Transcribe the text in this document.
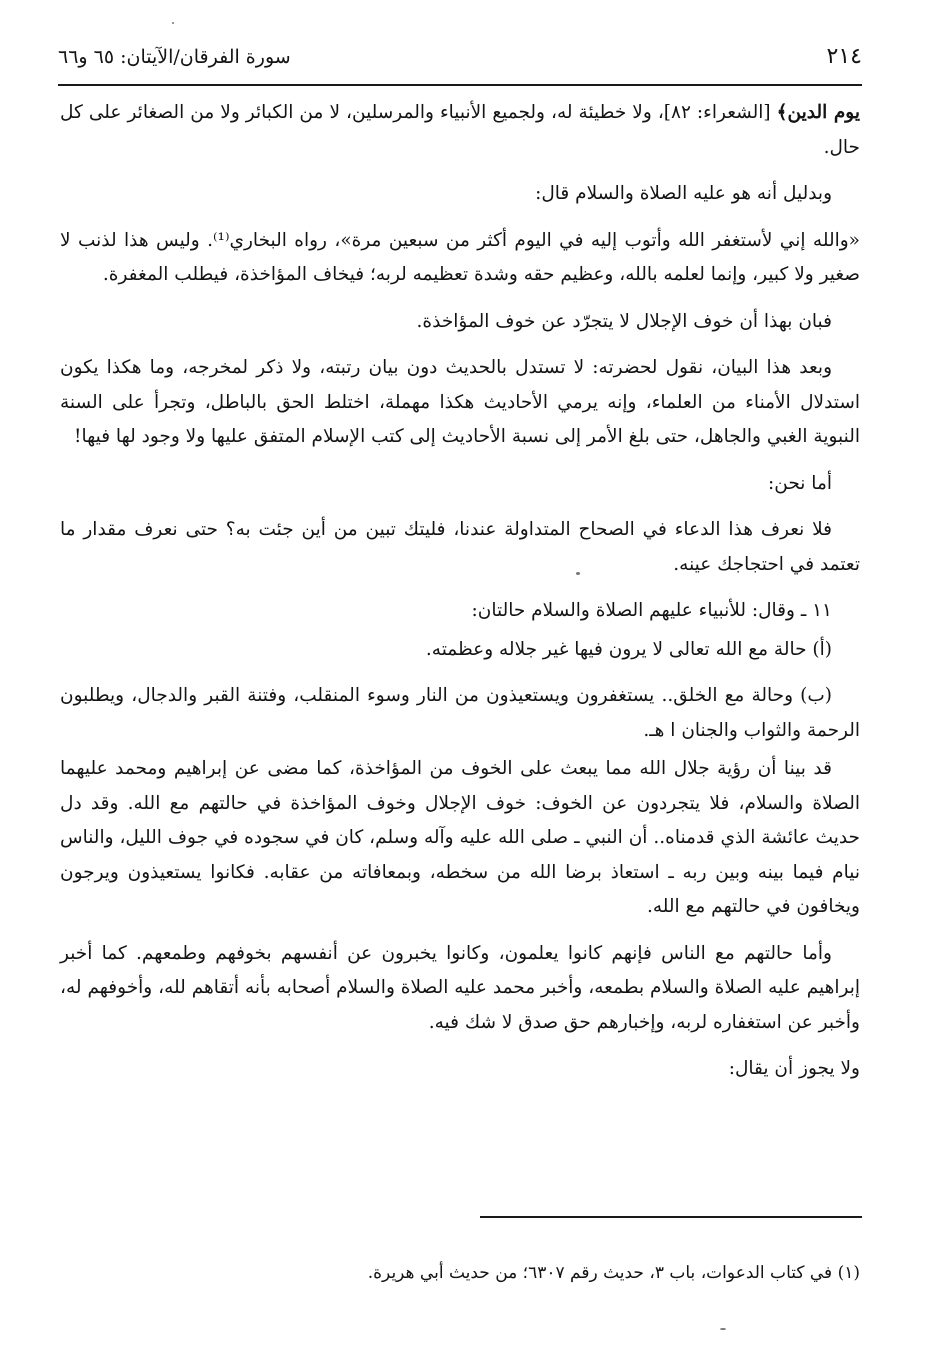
٢١٤
سورة الفرقان/الآيتان: ٦٥ و٦٦

يوم الدين﴾ [الشعراء: ٨٢]، ولا خطيئة له، ولجميع الأنبياء والمرسلين، لا من الكبائر ولا من الصغائر على كل حال.

وبدليل أنه هو عليه الصلاة والسلام قال:

«والله إني لأستغفر الله وأتوب إليه في اليوم أكثر من سبعين مرة»، رواه البخاري⁽¹⁾. وليس هذا لذنب لا صغير ولا كبير، وإنما لعلمه بالله، وعظيم حقه وشدة تعظيمه لربه؛ فيخاف المؤاخذة، فيطلب المغفرة.

فبان بهذا أن خوف الإجلال لا يتجرّد عن خوف المؤاخذة.

وبعد هذا البيان، نقول لحضرته: لا تستدل بالحديث دون بيان رتبته، ولا ذكر لمخرجه، وما هكذا يكون استدلال الأمناء من العلماء، وإنه يرمي الأحاديث هكذا مهملة، اختلط الحق بالباطل، وتجرأ على السنة النبوية الغبي والجاهل، حتى بلغ الأمر إلى نسبة الأحاديث إلى كتب الإسلام المتفق عليها ولا وجود لها فيها!

أما نحن:

فلا نعرف هذا الدعاء في الصحاح المتداولة عندنا، فليتك تبين من أين جئت به؟ حتى نعرف مقدار ما تعتمد في احتجاجك عينه.

١١ ـ وقال: للأنبياء عليهم الصلاة والسلام حالتان:

(أ) حالة مع الله تعالى لا يرون فيها غير جلاله وعظمته.

(ب) وحالة مع الخلق.. يستغفرون ويستعيذون من النار وسوء المنقلب، وفتنة القبر والدجال، ويطلبون الرحمة والثواب والجنان ا هـ.

قد بينا أن رؤية جلال الله مما يبعث على الخوف من المؤاخذة، كما مضى عن إبراهيم ومحمد عليهما الصلاة والسلام، فلا يتجردون عن الخوف: خوف الإجلال وخوف المؤاخذة في حالتهم مع الله. وقد دل حديث عائشة الذي قدمناه.. أن النبي ـ صلى الله عليه وآله وسلم، كان في سجوده في جوف الليل، والناس نيام فيما بينه وبين ربه ـ استعاذ برضا الله من سخطه، وبمعافاته من عقابه. فكانوا يستعيذون ويرجون ويخافون في حالتهم مع الله.

وأما حالتهم مع الناس فإنهم كانوا يعلمون، وكانوا يخبرون عن أنفسهم بخوفهم وطمعهم. كما أخبر إبراهيم عليه الصلاة والسلام بطمعه، وأخبر محمد عليه الصلاة والسلام أصحابه بأنه أتقاهم لله، وأخوفهم له، وأخبر عن استغفاره لربه، وإخبارهم حق صدق لا شك فيه.

ولا يجوز أن يقال:

(١) في كتاب الدعوات، باب ٣، حديث رقم ٦٣٠٧؛ من حديث أبي هريرة.
